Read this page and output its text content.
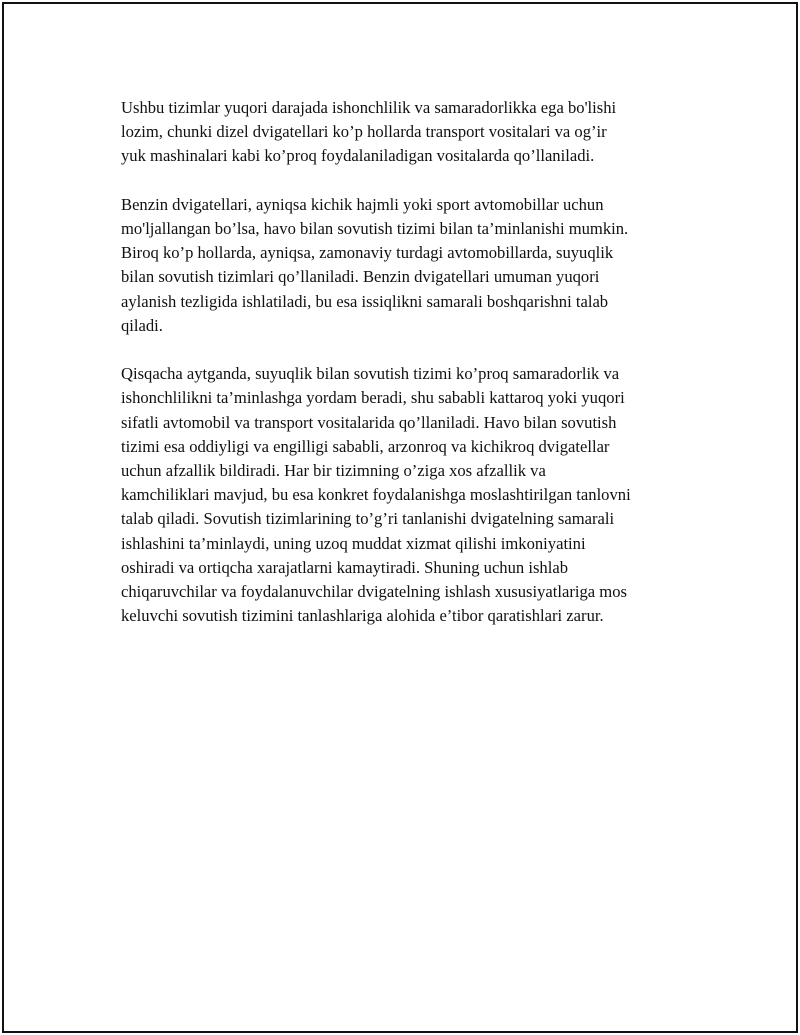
Ushbu tizimlar yuqori darajada ishonchlilik va samaradorlikka ega bo'lishi
lozim, chunki dizel dvigatellari ko’p hollarda transport vositalari va og’ir
yuk mashinalari kabi ko’proq foydalaniladigan vositalarda qo’llaniladi.

Benzin dvigatellari, ayniqsa kichik hajmli yoki sport avtomobillar uchun
mo'ljallangan bo’lsa, havo bilan sovutish tizimi bilan ta’minlanishi mumkin.
Biroq ko’p hollarda, ayniqsa, zamonaviy turdagi avtomobillarda, suyuqlik
bilan sovutish tizimlari qo’llaniladi. Benzin dvigatellari umuman yuqori
aylanish tezligida ishlatiladi, bu esa issiqlikni samarali boshqarishni talab
qiladi.

Qisqacha aytganda, suyuqlik bilan sovutish tizimi ko’proq samaradorlik va
ishonchlilikni ta’minlashga yordam beradi, shu sababli kattaroq yoki yuqori
sifatli avtomobil va transport vositalarida qo’llaniladi. Havo bilan sovutish
tizimi esa oddiyligi va engilligi sababli, arzonroq va kichikroq dvigatellar
uchun afzallik bildiradi. Har bir tizimning o’ziga xos afzallik va
kamchiliklari mavjud, bu esa konkret foydalanishga moslashtirilgan tanlovni
talab qiladi. Sovutish tizimlarining to’g’ri tanlanishi dvigatelning samarali
ishlashini ta’minlaydi, uning uzoq muddat xizmat qilishi imkoniyatini
oshiradi va ortiqcha xarajatlarni kamaytiradi. Shuning uchun ishlab
chiqaruvchilar va foydalanuvchilar dvigatelning ishlash xususiyatlariga mos
keluvchi sovutish tizimini tanlashlariga alohida e’tibor qaratishlari zarur.
